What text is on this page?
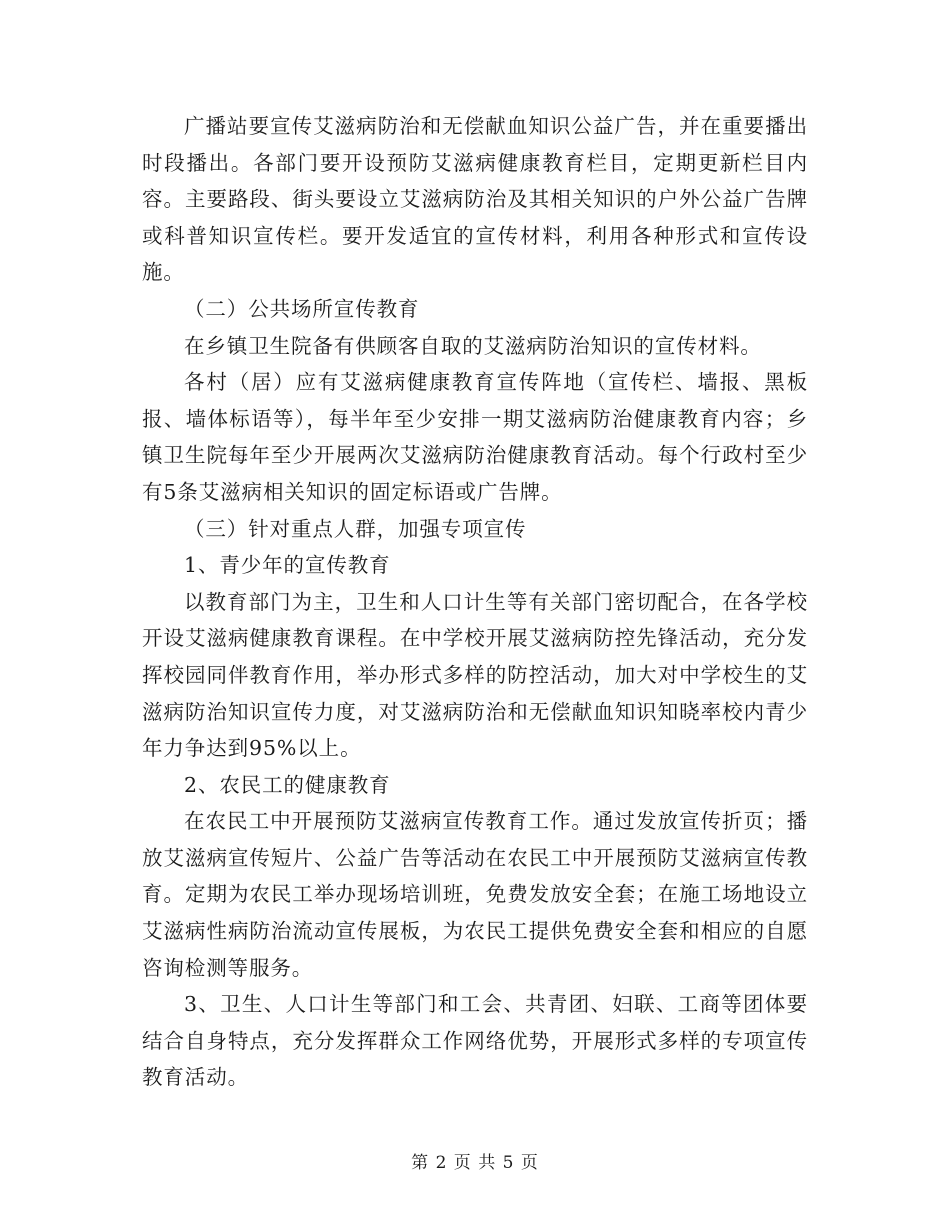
广播站要宣传艾滋病防治和无偿献血知识公益广告，并在重要播出时段播出。各部门要开设预防艾滋病健康教育栏目，定期更新栏目内容。主要路段、街头要设立艾滋病防治及其相关知识的户外公益广告牌或科普知识宣传栏。要开发适宜的宣传材料，利用各种形式和宣传设施。

（二）公共场所宣传教育

在乡镇卫生院备有供顾客自取的艾滋病防治知识的宣传材料。

各村（居）应有艾滋病健康教育宣传阵地（宣传栏、墙报、黑板报、墙体标语等），每半年至少安排一期艾滋病防治健康教育内容；乡镇卫生院每年至少开展两次艾滋病防治健康教育活动。每个行政村至少有5条艾滋病相关知识的固定标语或广告牌。

（三）针对重点人群，加强专项宣传

1、青少年的宣传教育

以教育部门为主，卫生和人口计生等有关部门密切配合，在各学校开设艾滋病健康教育课程。在中学校开展艾滋病防控先锋活动，充分发挥校园同伴教育作用，举办形式多样的防控活动，加大对中学校生的艾滋病防治知识宣传力度，对艾滋病防治和无偿献血知识知晓率校内青少年力争达到95%以上。

2、农民工的健康教育

在农民工中开展预防艾滋病宣传教育工作。通过发放宣传折页；播放艾滋病宣传短片、公益广告等活动在农民工中开展预防艾滋病宣传教育。定期为农民工举办现场培训班，免费发放安全套；在施工场地设立艾滋病性病防治流动宣传展板，为农民工提供免费安全套和相应的自愿咨询检测等服务。

3、卫生、人口计生等部门和工会、共青团、妇联、工商等团体要结合自身特点，充分发挥群众工作网络优势，开展形式多样的专项宣传教育活动。

第 2 页 共 5 页
